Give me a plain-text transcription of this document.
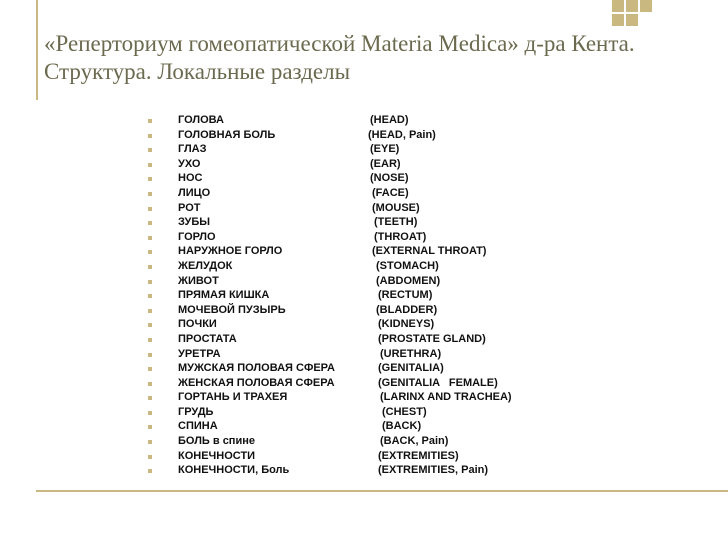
«Реперториум гомеопатической Materia Medica» д-ра Кента.
Структура. Локальные разделы
ГОЛОВА	(HEAD)
ГОЛОВНАЯ БОЛЬ	(HEAD, Pain)
ГЛАЗ	(EYE)
УХО	(EAR)
НОС	(NOSE)
ЛИЦО	(FACE)
РОТ	(MOUSE)
ЗУБЫ	(TEETH)
ГОРЛО	(THROAT)
НАРУЖНОЕ ГОРЛО	(EXTERNAL THROAT)
ЖЕЛУДОК	(STOMACH)
ЖИВОТ	(ABDOMEN)
ПРЯМАЯ КИШКА	(RECTUM)
МОЧЕВОЙ ПУЗЫРЬ	(BLADDER)
ПОЧКИ	(KIDNEYS)
ПРОСТАТА	(PROSTATE GLAND)
УРЕТРА	(URETHRA)
МУЖСКАЯ ПОЛОВАЯ СФЕРА	(GENITALIA)
ЖЕНСКАЯ ПОЛОВАЯ СФЕРА	(GENITALIA   FEMALE)
ГОРТАНЬ И ТРАХЕЯ	(LARINX AND TRACHEA)
ГРУДЬ	(CHEST)
СПИНА	(BACK)
БОЛЬ в спине	(BACK, Pain)
КОНЕЧНОСТИ	(EXTREMITIES)
КОНЕЧНОСТИ, Боль	(EXTREMITIES, Pain)
